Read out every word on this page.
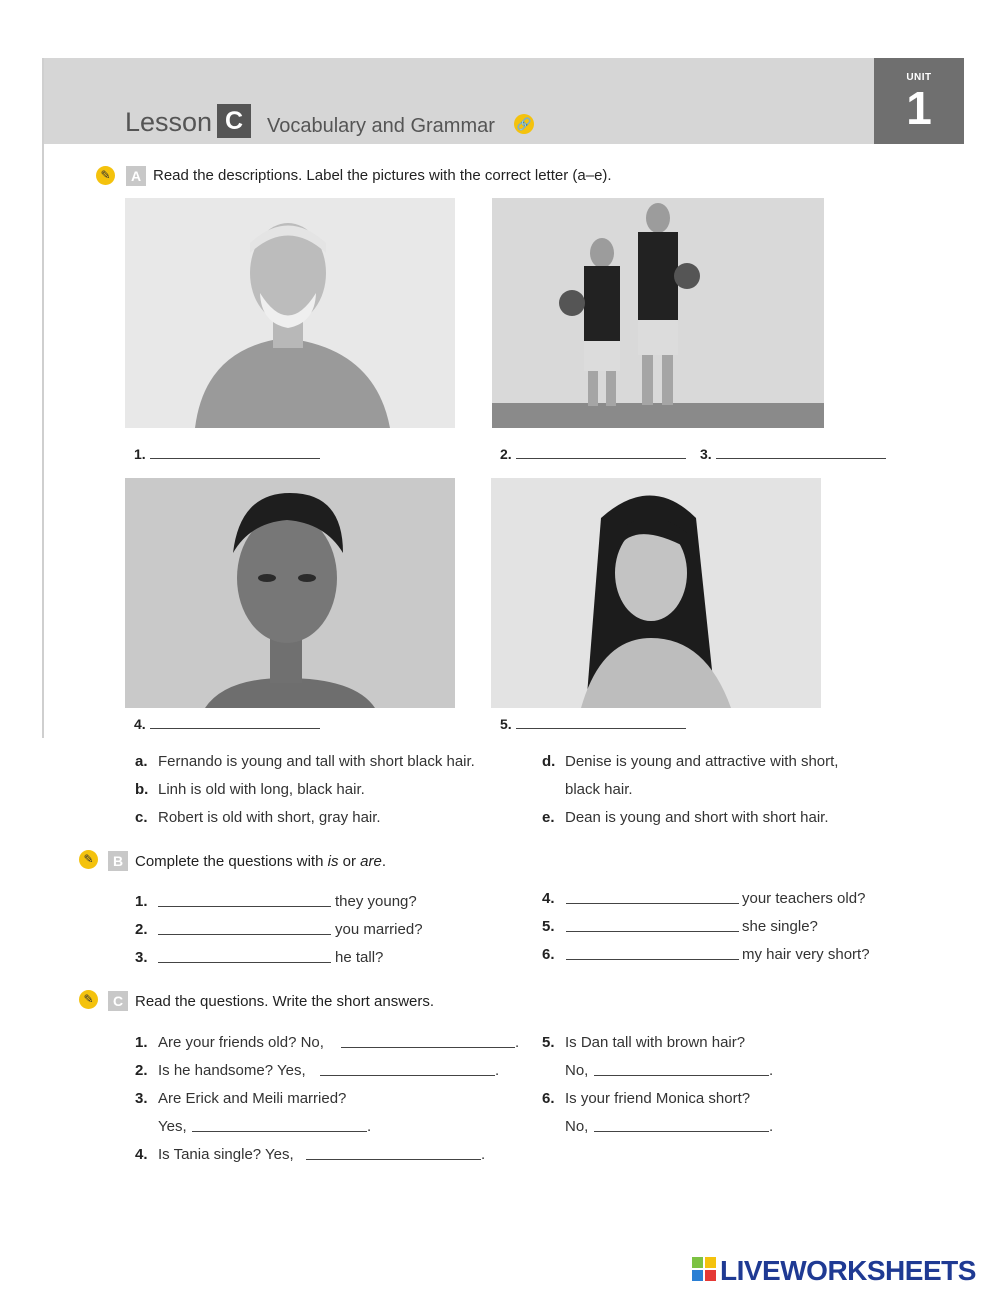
UNIT
1
Lesson C	Vocabulary and Grammar 🔗
✎	A Read the descriptions. Label the pictures with the correct letter (a–e).
1.	2.	3.
4.	5.
a. Fernando is young and tall with short black hair.
b. Linh is old with long, black hair.
c. Robert is old with short, gray hair.
d. Denise is young and attractive with short,
black hair.
e. Dean is young and short with short hair.
✎	B Complete the questions with is or are.
1.	they young?
2.	you married?
3.	he tall?
4.	your teachers old?
5.	she single?
6.	my hair very short?
✎	C Read the questions. Write the short answers.
1. Are your friends old? No,	.
2. Is he handsome? Yes,	.
3. Are Erick and Meili married?
Yes,	.
4. Is Tania single? Yes,	.
5. Is Dan tall with brown hair?
No,	.
6. Is your friend Monica short?
No,	.
LIVEWORKSHEETS
